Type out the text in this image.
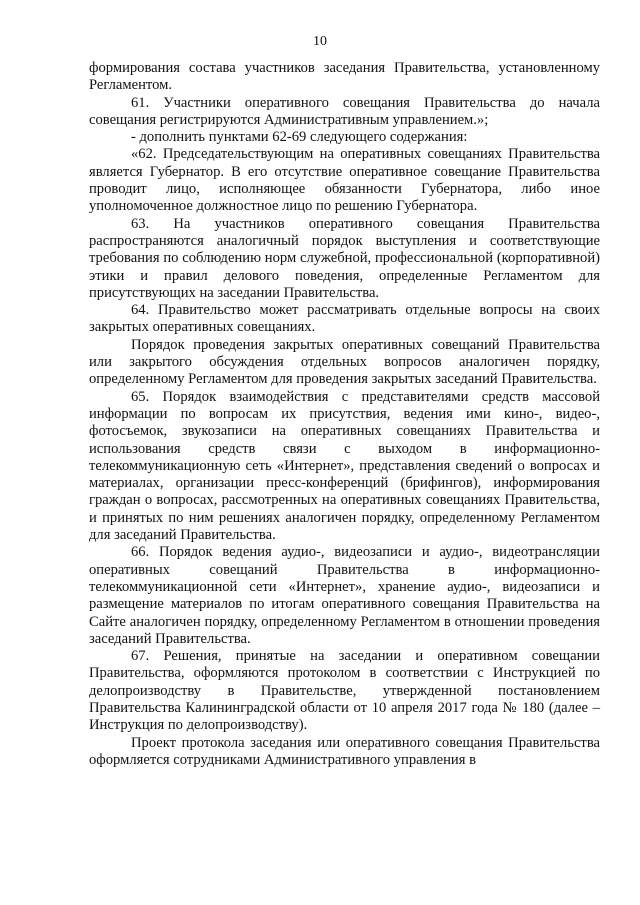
10

формирования состава участников заседания Правительства, установленному Регламентом.

61. Участники оперативного совещания Правительства до начала совещания регистрируются Административным управлением.»;

- дополнить пунктами 62-69 следующего содержания:

«62. Председательствующим на оперативных совещаниях Правительства является Губернатор. В его отсутствие оперативное совещание Правительства проводит лицо, исполняющее обязанности Губернатора, либо иное уполномоченное должностное лицо по решению Губернатора.

63. На участников оперативного совещания Правительства распространяются аналогичный порядок выступления и соответствующие требования по соблюдению норм служебной, профессиональной (корпоративной) этики и правил делового поведения, определенные Регламентом для присутствующих на заседании Правительства.

64. Правительство может рассматривать отдельные вопросы на своих закрытых оперативных совещаниях.

Порядок проведения закрытых оперативных совещаний Правительства или закрытого обсуждения отдельных вопросов аналогичен порядку, определенному Регламентом для проведения закрытых заседаний Правительства.

65. Порядок взаимодействия с представителями средств массовой информации по вопросам их присутствия, ведения ими кино-, видео-, фотосъемок, звукозаписи на оперативных совещаниях Правительства и использования средств связи с выходом в информационно-телекоммуникационную сеть «Интернет», представления сведений о вопросах и материалах, организации пресс-конференций (брифингов), информирования граждан о вопросах, рассмотренных на оперативных совещаниях Правительства, и принятых по ним решениях аналогичен порядку, определенному Регламентом для заседаний Правительства.

66. Порядок ведения аудио-, видеозаписи и аудио-, видеотрансляции оперативных совещаний Правительства в информационно-телекоммуникационной сети «Интернет», хранение аудио-, видеозаписи и размещение материалов по итогам оперативного совещания Правительства на Сайте аналогичен порядку, определенному Регламентом в отношении проведения заседаний Правительства.

67. Решения, принятые на заседании и оперативном совещании Правительства, оформляются протоколом в соответствии с Инструкцией по делопроизводству в Правительстве, утвержденной постановлением Правительства Калининградской области от 10 апреля 2017 года № 180 (далее – Инструкция по делопроизводству).

Проект протокола заседания или оперативного совещания Правительства оформляется сотрудниками Административного управления в
